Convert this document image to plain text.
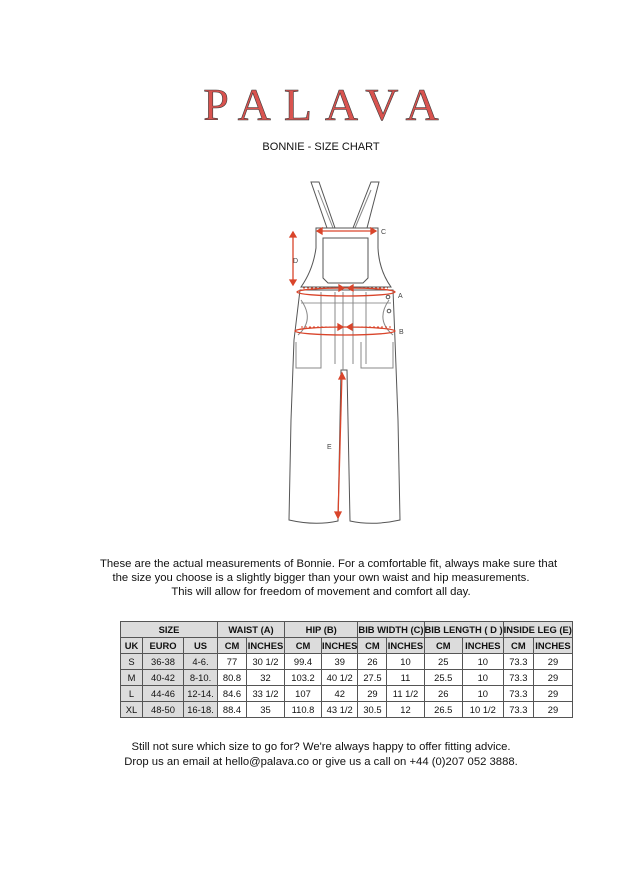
PALAVA
BONNIE - SIZE CHART
C
D
A
B
E
These are the actual measurements of Bonnie. For a comfortable fit, always make sure that
the size you choose is a slightly bigger than your own waist and hip measurements.
This will allow for freedom of movement and comfort all day.
SIZE			WAIST (A)		HIP (B)		BIB WIDTH (C)		BIB LENGTH ( D )		INSIDE LEG (E)	
UK	EURO	US	CM	INCHES	CM	INCHES	CM	INCHES	CM	INCHES	CM	INCHES
S	36-38	4-6.	77	30 1/2	99.4	39	26	10	25	10	73.3	29
M	40-42	8-10.	80.8	32	103.2	40 1/2	27.5	11	25.5	10	73.3	29
L	44-46	12-14.	84.6	33 1/2	107	42	29	11 1/2	26	10	73.3	29
XL	48-50	16-18.	88.4	35	110.8	43 1/2	30.5	12	26.5	10 1/2	73.3	29
Still not sure which size to go for? We're always happy to offer fitting advice.
Drop us an email at hello@palava.co or give us a call on +44 (0)207 052 3888.
